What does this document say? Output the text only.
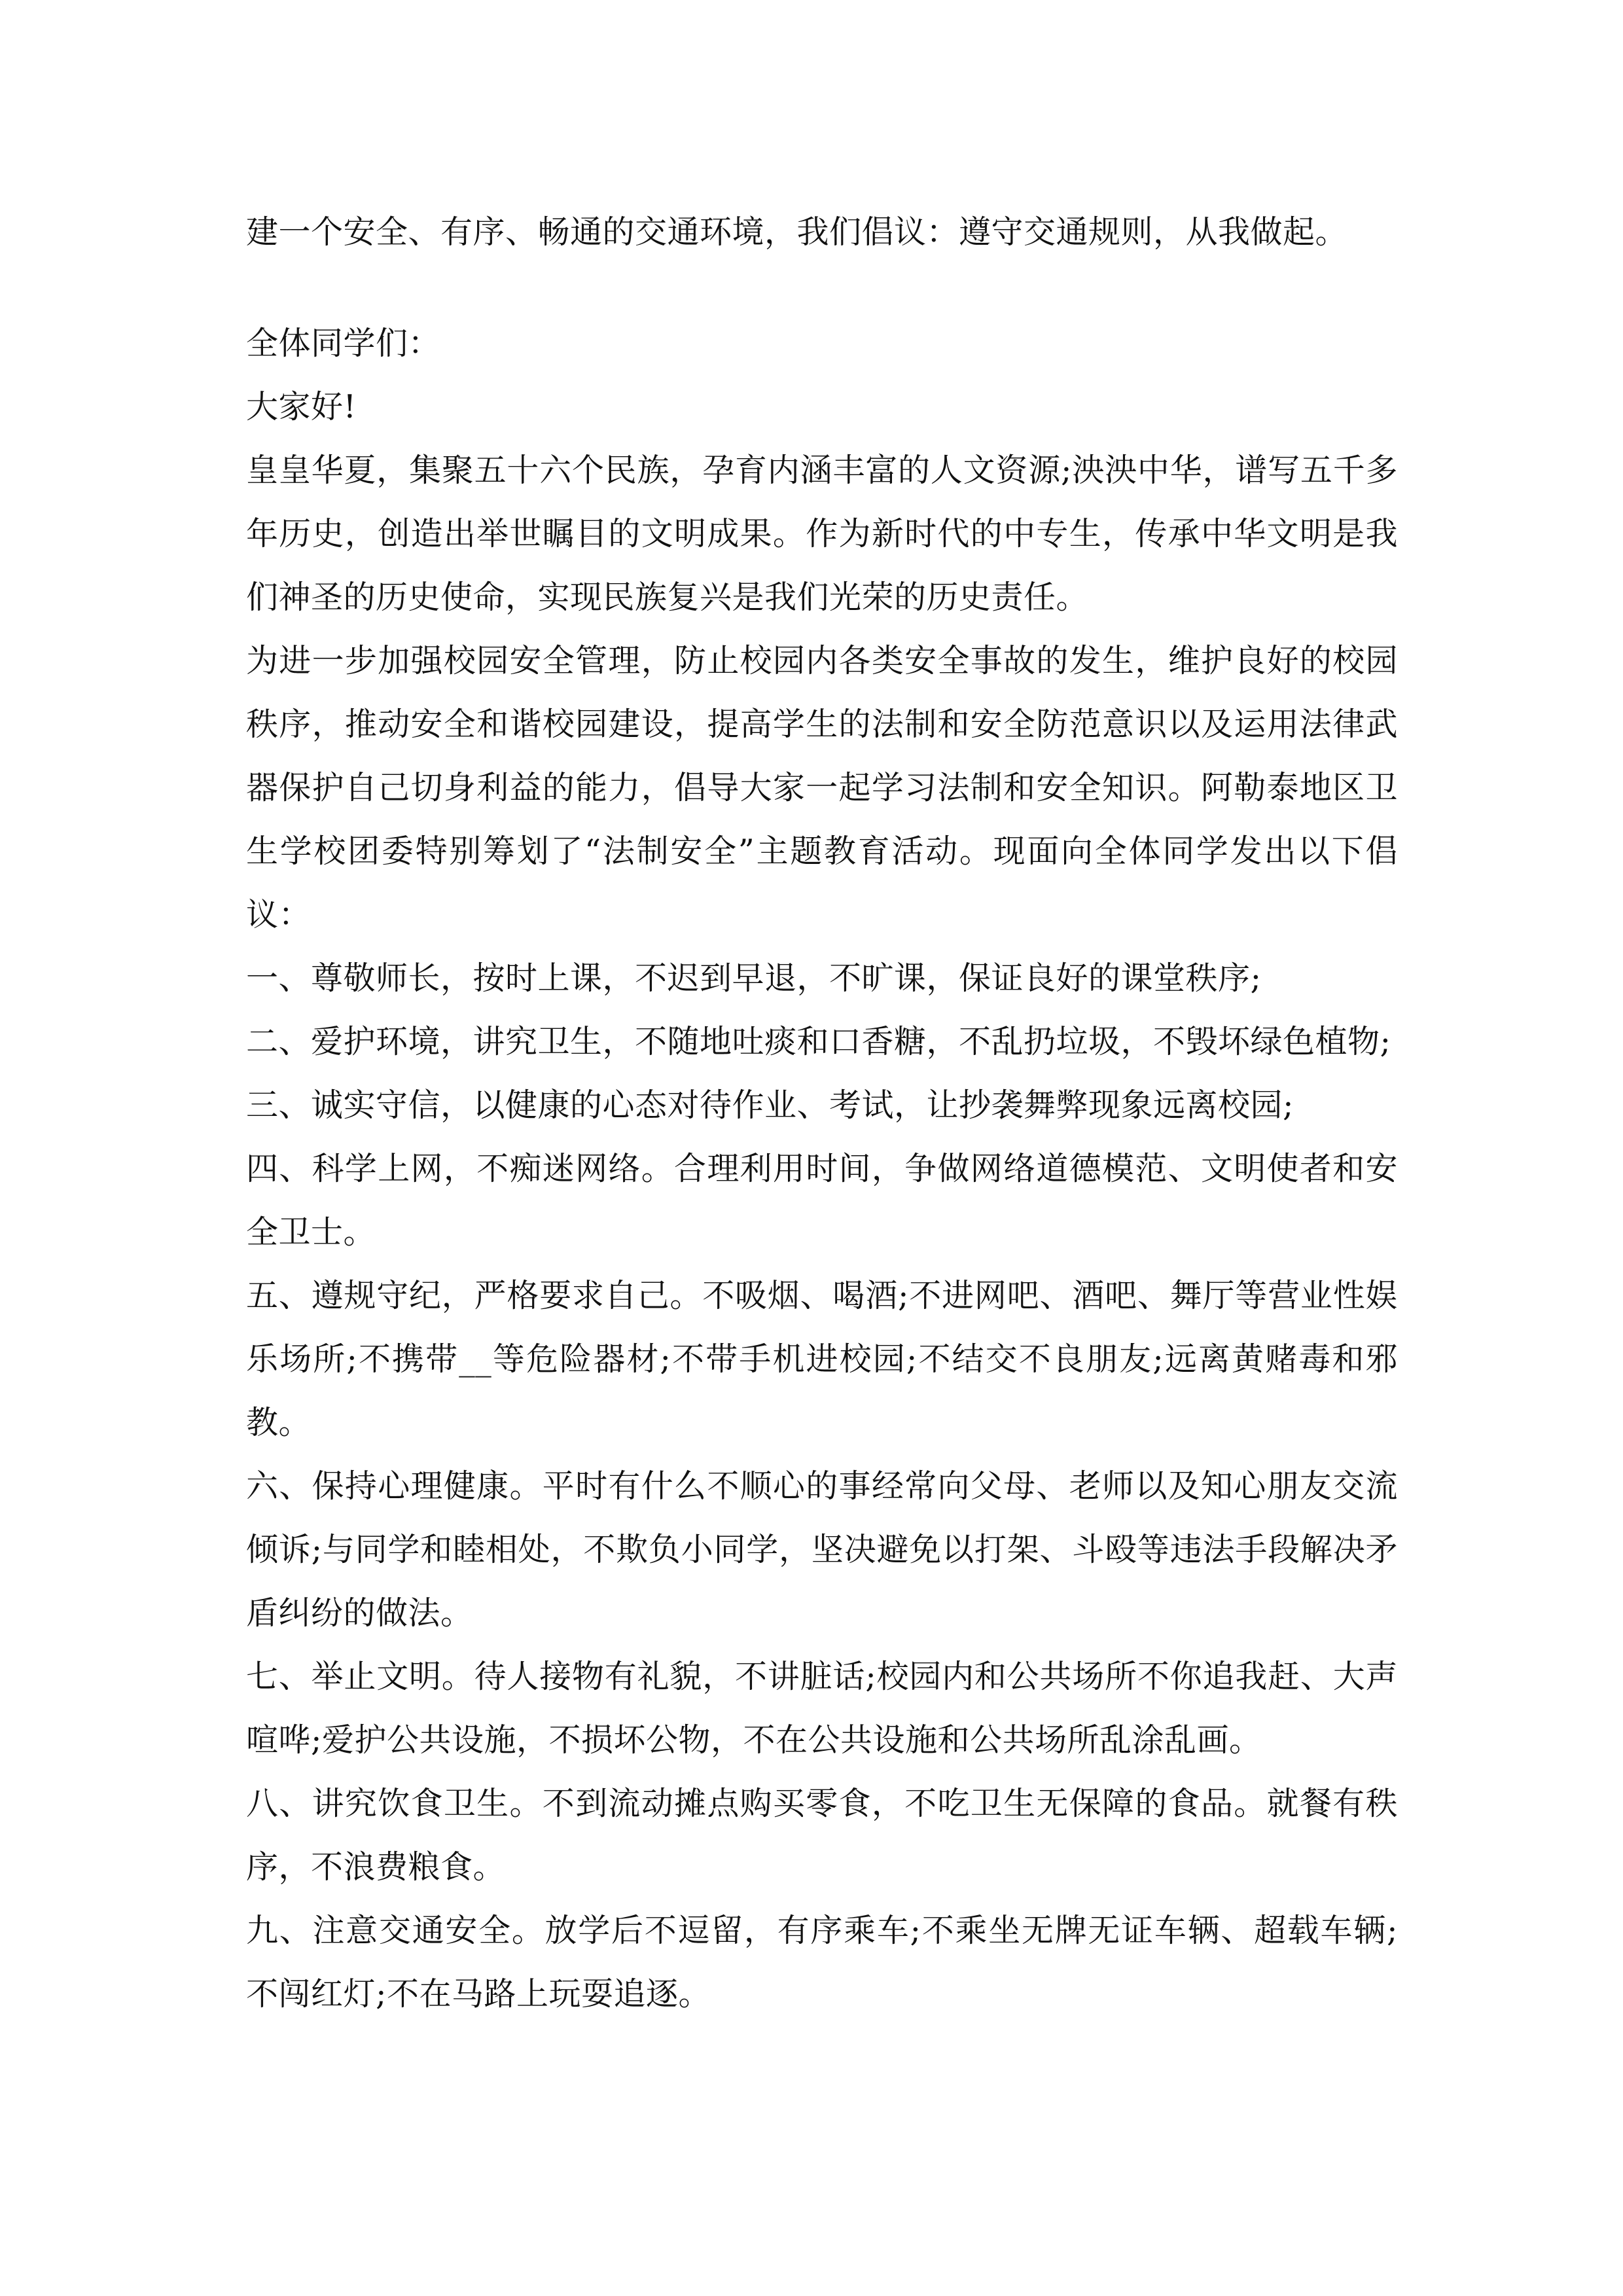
建一个安全、有序、畅通的交通环境，我们倡议：遵守交通规则，从我做起。

全体同学们：

大家好!

皇皇华夏，集聚五十六个民族，孕育内涵丰富的人文资源;泱泱中华，谱写五千多年历史，创造出举世瞩目的文明成果。作为新时代的中专生，传承中华文明是我们神圣的历史使命，实现民族复兴是我们光荣的历史责任。

为进一步加强校园安全管理，防止校园内各类安全事故的发生，维护良好的校园秩序，推动安全和谐校园建设，提高学生的法制和安全防范意识以及运用法律武器保护自己切身利益的能力，倡导大家一起学习法制和安全知识。阿勒泰地区卫生学校团委特别筹划了“法制安全”主题教育活动。现面向全体同学发出以下倡议：

一、尊敬师长，按时上课，不迟到早退，不旷课，保证良好的课堂秩序;

二、爱护环境，讲究卫生，不随地吐痰和口香糖，不乱扔垃圾，不毁坏绿色植物;

三、诚实守信，以健康的心态对待作业、考试，让抄袭舞弊现象远离校园;

四、科学上网，不痴迷网络。合理利用时间，争做网络道德模范、文明使者和安全卫士。

五、遵规守纪，严格要求自己。不吸烟、喝酒;不进网吧、酒吧、舞厅等营业性娱乐场所;不携带__等危险器材;不带手机进校园;不结交不良朋友;远离黄赌毒和邪教。

六、保持心理健康。平时有什么不顺心的事经常向父母、老师以及知心朋友交流倾诉;与同学和睦相处，不欺负小同学，坚决避免以打架、斗殴等违法手段解决矛盾纠纷的做法。

七、举止文明。待人接物有礼貌，不讲脏话;校园内和公共场所不你追我赶、大声喧哗;爱护公共设施，不损坏公物，不在公共设施和公共场所乱涂乱画。

八、讲究饮食卫生。不到流动摊点购买零食，不吃卫生无保障的食品。就餐有秩序，不浪费粮食。

九、注意交通安全。放学后不逗留，有序乘车;不乘坐无牌无证车辆、超载车辆;不闯红灯;不在马路上玩耍追逐。
